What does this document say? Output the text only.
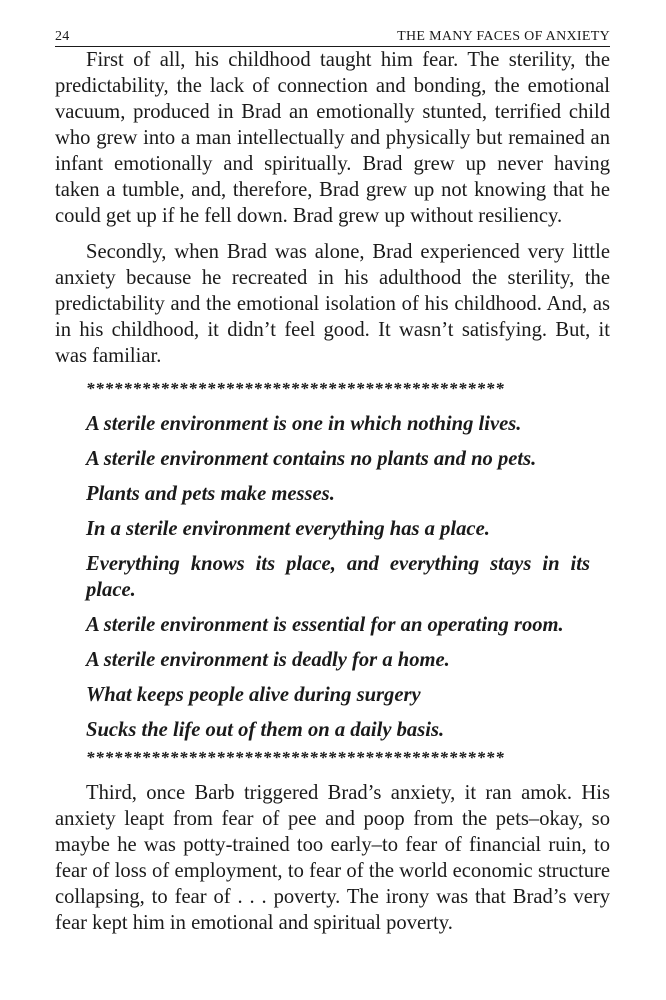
24	THE MANY FACES OF ANXIETY

First of all, his childhood taught him fear. The sterility, the predictability, the lack of connection and bonding, the emotional vacuum, produced in Brad an emotionally stunted, terrified child who grew into a man intellectually and physically but remained an infant emotionally and spiritually. Brad grew up never having taken a tumble, and, therefore, Brad grew up not knowing that he could get up if he fell down. Brad grew up without resiliency.

Secondly, when Brad was alone, Brad experienced very little anxiety because he recreated in his adulthood the sterility, the predictability and the emotional isolation of his childhood. And, as in his childhood, it didn’t feel good. It wasn’t satisfying. But, it was familiar.

*********************************************

A sterile environment is one in which nothing lives.

A sterile environment contains no plants and no pets.

Plants and pets make messes.

In a sterile environment everything has a place.

Everything knows its place, and everything stays in its place.

A sterile environment is essential for an operating room.

A sterile environment is deadly for a home.

What keeps people alive during surgery

Sucks the life out of them on a daily basis.

*********************************************

Third, once Barb triggered Brad’s anxiety, it ran amok. His anxiety leapt from fear of pee and poop from the pets–okay, so maybe he was potty-trained too early–to fear of financial ruin, to fear of loss of employment, to fear of the world economic structure collapsing, to fear of . . . poverty. The irony was that Brad’s very fear kept him in emotional and spiritual poverty.
